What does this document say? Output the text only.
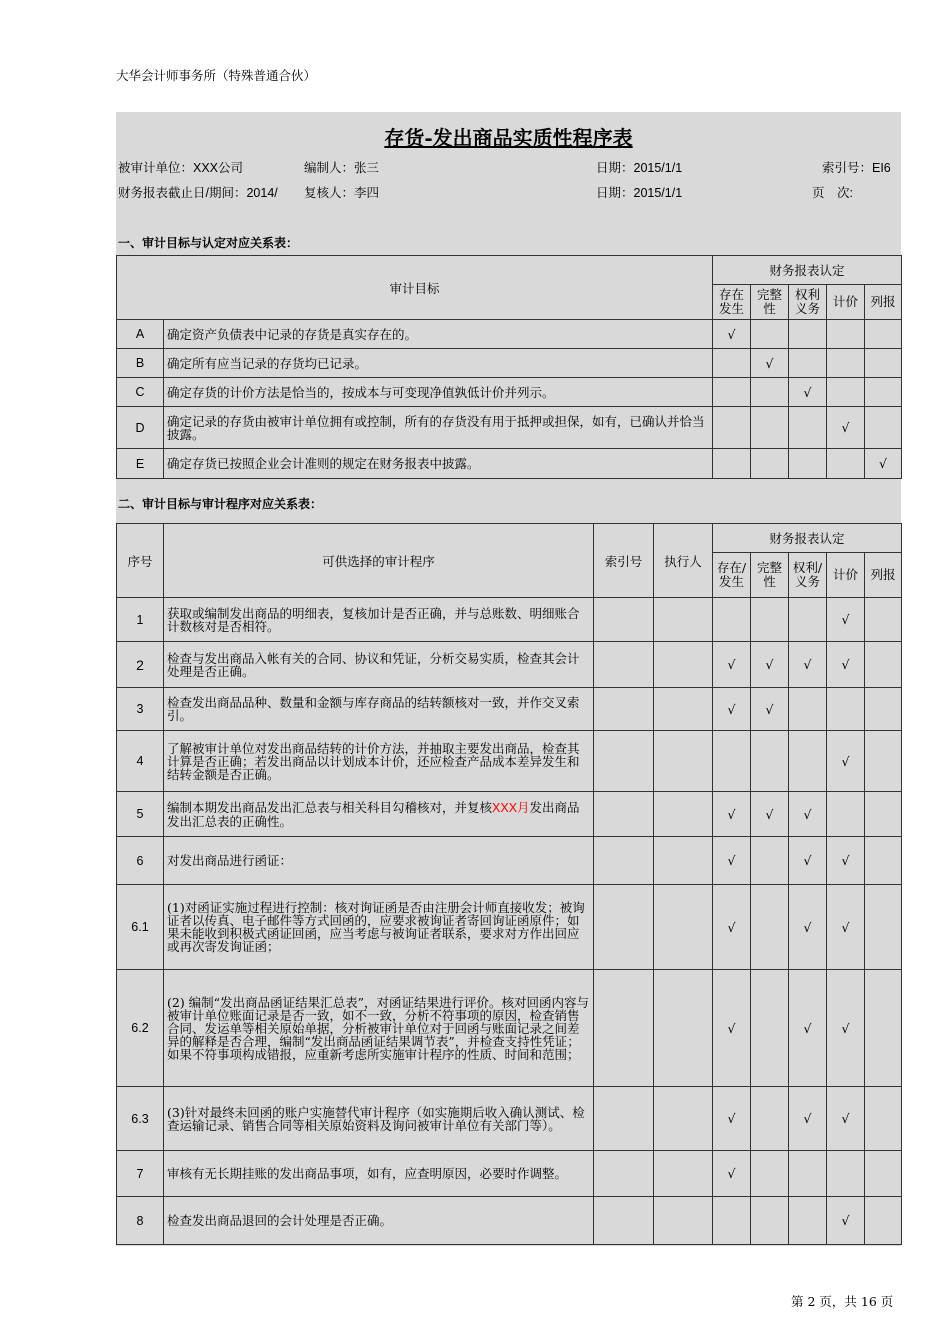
大华会计师事务所（特殊普通合伙）
存货-发出商品实质性程序表
被审计单位：XXX公司	编制人：张三	日期：2015/1/1	索引号：EI6
财务报表截止日/期间：2014/ 复核人：李四	日期：2015/1/1	页　次:
一、审计目标与认定对应关系表：
审计目标		财务报表认定				
		存在发生	完整性	权利义务	计价	列报
A	确定资产负债表中记录的存货是真实存在的。	√				
B	确定所有应当记录的存货均已记录。		√			
C	确定存货的计价方法是恰当的，按成本与可变现净值孰低计价并列示。			√		
D	确定记录的存货由被审计单位拥有或控制，所有的存货没有用于抵押或担保，如有，已确认并恰当披露。				√	
E	确定存货已按照企业会计准则的规定在财务报表中披露。					√
二、审计目标与审计程序对应关系表：
序号	可供选择的审计程序	索引号	执行人	财务报表认定				
				存在/发生	完整性	权利/义务	计价	列报
1	获取或编制发出商品的明细表，复核加计是否正确，并与总账数、明细账合计数核对是否相符。						√	
2	检查与发出商品入帐有关的合同、协议和凭证，分析交易实质，检查其会计处理是否正确。			√	√	√	√	
3	检查发出商品品种、数量和金额与库存商品的结转额核对一致，并作交叉索引。			√	√			
4	了解被审计单位对发出商品结转的计价方法，并抽取主要发出商品，检查其计算是否正确；若发出商品以计划成本计价，还应检查产品成本差异发生和结转金额是否正确。						√	
5	编制本期发出商品发出汇总表与相关科目勾稽核对，并复核XXX月发出商品发出汇总表的正确性。			√	√	√		
6	对发出商品进行函证：			√		√	√	
6.1	(1)对函证实施过程进行控制：核对询证函是否由注册会计师直接收发；被询证者以传真、电子邮件等方式回函的，应要求被询证者寄回询证函原件；如果未能收到积极式函证回函，应当考虑与被询证者联系，要求对方作出回应或再次寄发询证函；			√		√	√	
6.2	(2) 编制“发出商品函证结果汇总表”，对函证结果进行评价。核对回函内容与被审计单位账面记录是否一致，如不一致，分析不符事项的原因，检查销售合同、发运单等相关原始单据，分析被审计单位对于回函与账面记录之间差异的解释是否合理，编制“发出商品函证结果调节表”，并检查支持性凭证；如果不符事项构成错报，应重新考虑所实施审计程序的性质、时间和范围；			√		√	√	
6.3	(3)针对最终未回函的账户实施替代审计程序（如实施期后收入确认测试、检查运输记录、销售合同等相关原始资料及询问被审计单位有关部门等）。			√		√	√	
7	审核有无长期挂账的发出商品事项，如有，应查明原因，必要时作调整。			√				
8	检查发出商品退回的会计处理是否正确。						√	
第 2 页，共 16 页
